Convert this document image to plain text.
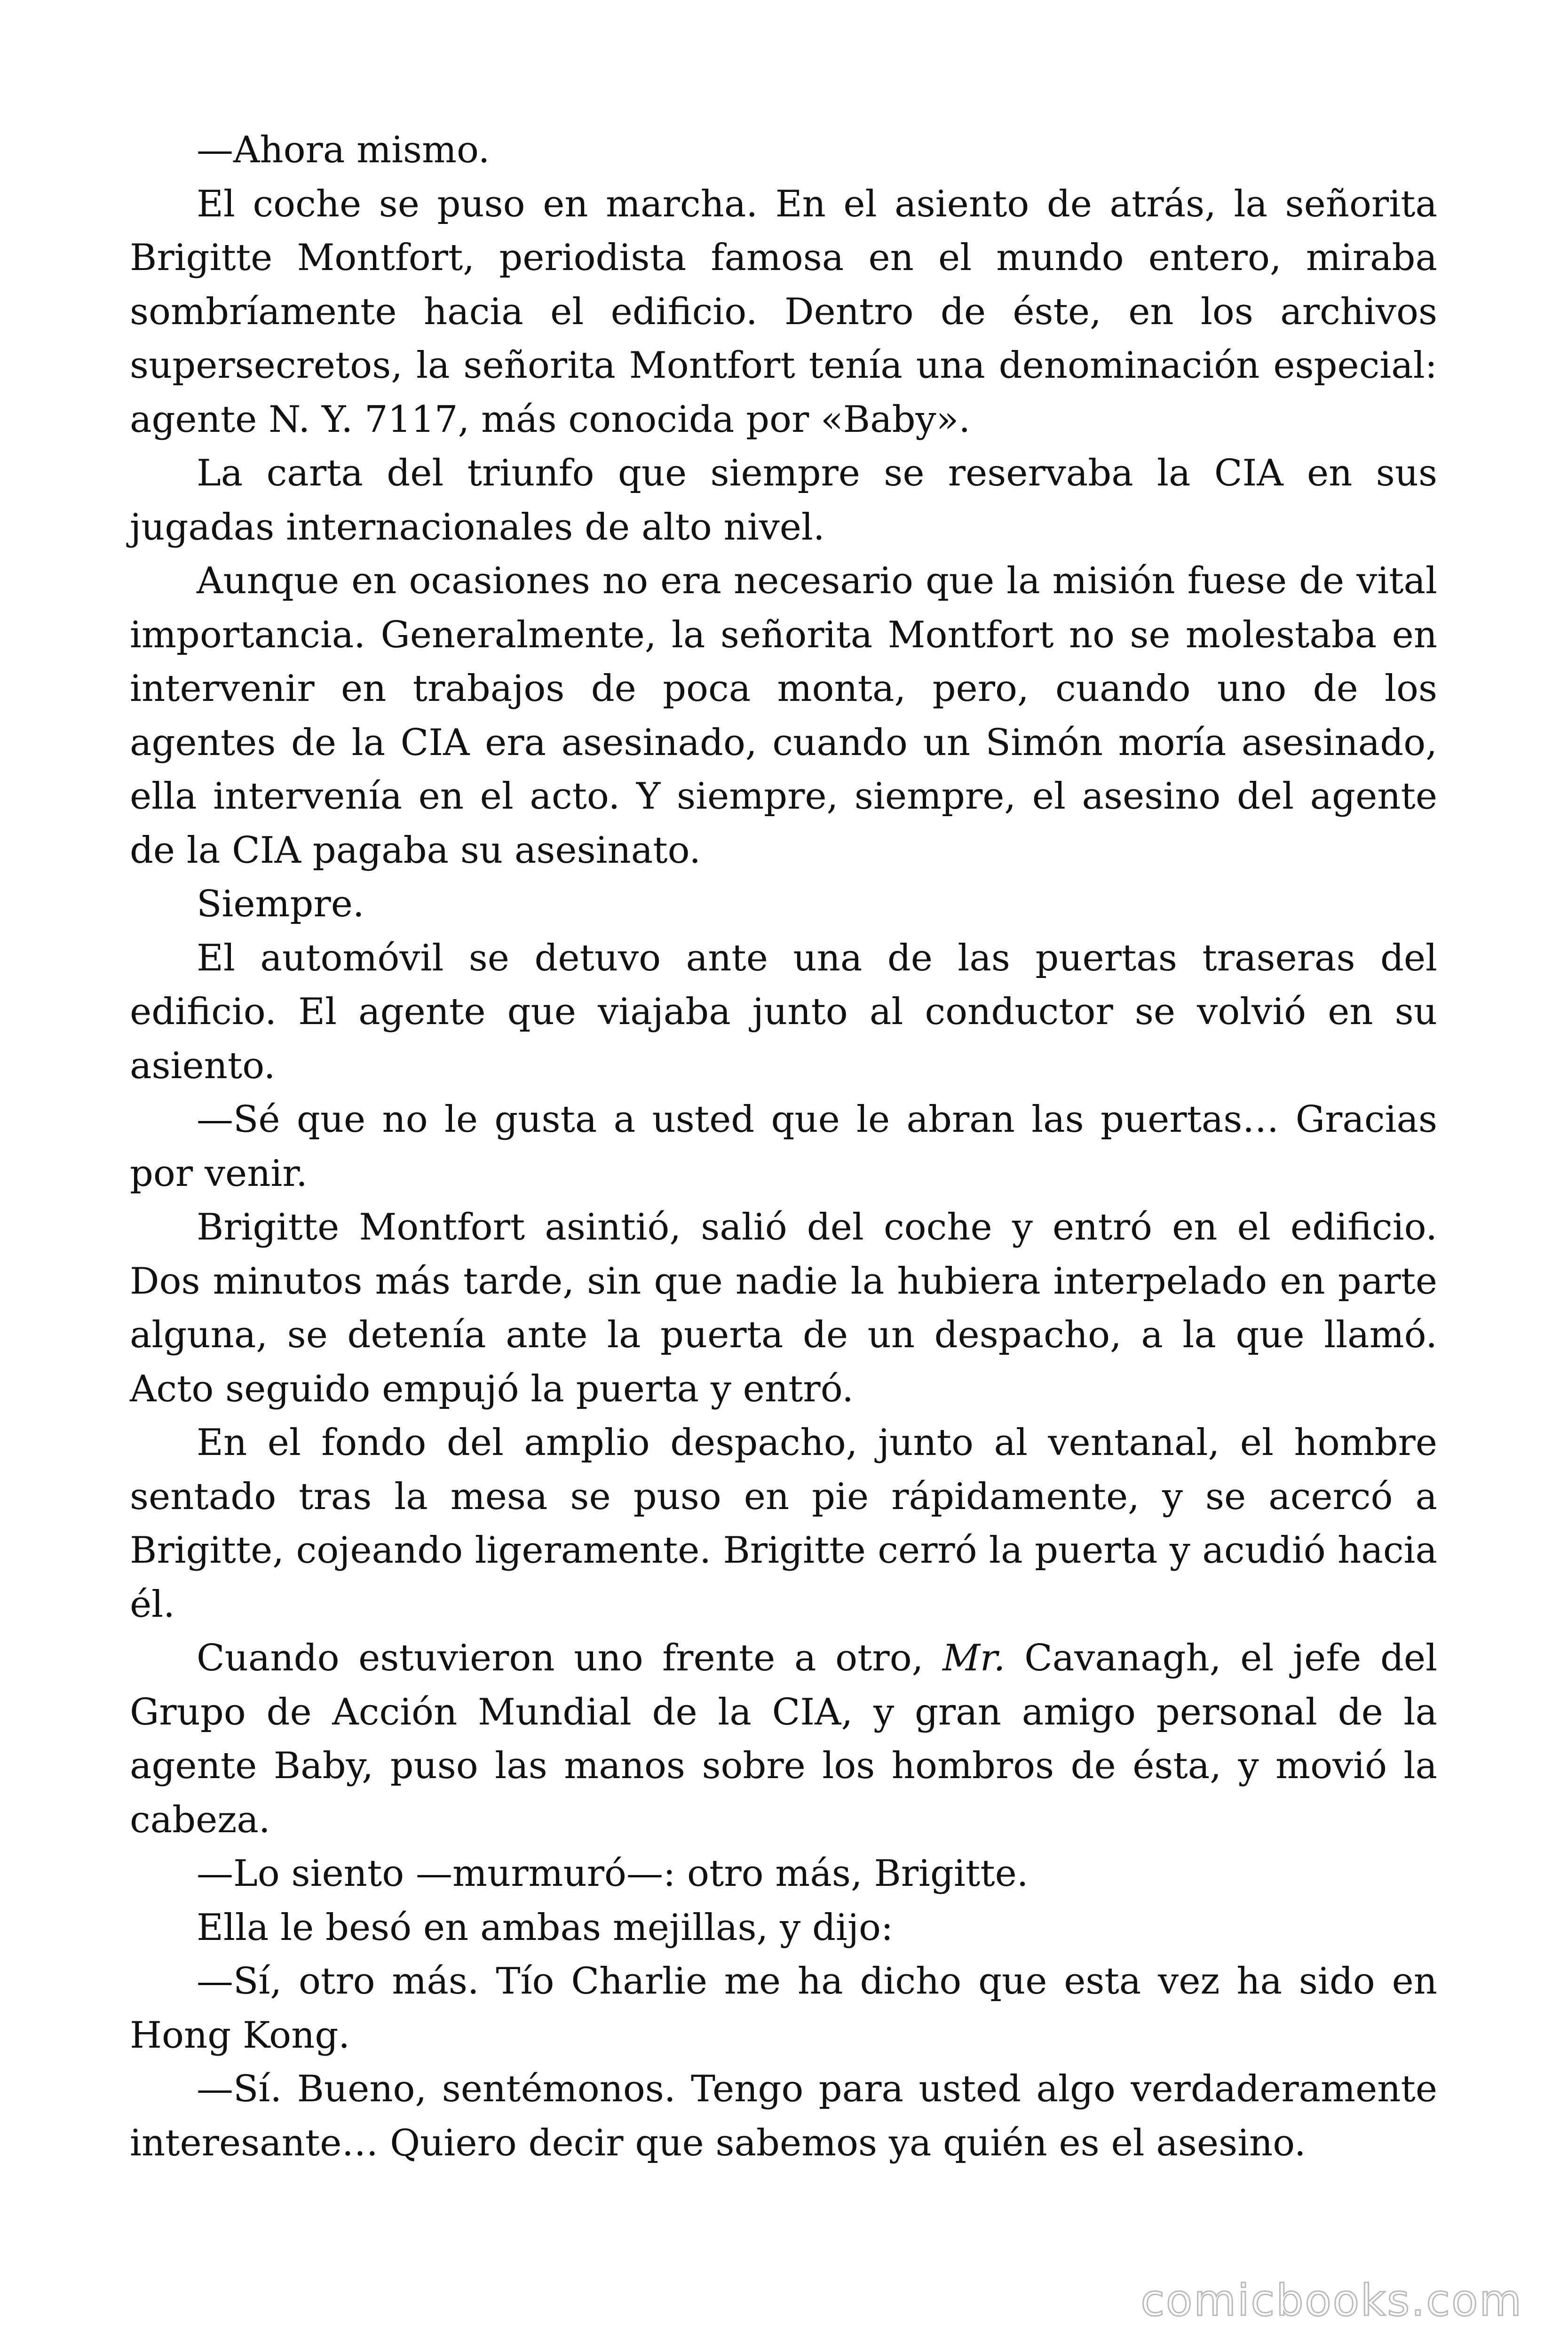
—Ahora mismo.

El coche se puso en marcha. En el asiento de atrás, la señorita Brigitte Montfort, periodista famosa en el mundo entero, miraba sombríamente hacia el edificio. Dentro de éste, en los archivos supersecretos, la señorita Montfort tenía una denominación especial: agente N. Y. 7117, más conocida por «Baby».

La carta del triunfo que siempre se reservaba la CIA en sus jugadas internacionales de alto nivel.

Aunque en ocasiones no era necesario que la misión fuese de vital importancia. Generalmente, la señorita Montfort no se molestaba en intervenir en trabajos de poca monta, pero, cuando uno de los agentes de la CIA era asesinado, cuando un Simón moría asesinado, ella intervenía en el acto. Y siempre, siempre, el asesino del agente de la CIA pagaba su asesinato.

Siempre.

El automóvil se detuvo ante una de las puertas traseras del edificio. El agente que viajaba junto al conductor se volvió en su asiento.

—Sé que no le gusta a usted que le abran las puertas… Gracias por venir.

Brigitte Montfort asintió, salió del coche y entró en el edificio. Dos minutos más tarde, sin que nadie la hubiera interpelado en parte alguna, se detenía ante la puerta de un despacho, a la que llamó. Acto seguido empujó la puerta y entró.

En el fondo del amplio despacho, junto al ventanal, el hombre sentado tras la mesa se puso en pie rápidamente, y se acercó a Brigitte, cojeando ligeramente. Brigitte cerró la puerta y acudió hacia él.

Cuando estuvieron uno frente a otro, Mr. Cavanagh, el jefe del Grupo de Acción Mundial de la CIA, y gran amigo personal de la agente Baby, puso las manos sobre los hombros de ésta, y movió la cabeza.

—Lo siento —murmuró—: otro más, Brigitte.

Ella le besó en ambas mejillas, y dijo:

—Sí, otro más. Tío Charlie me ha dicho que esta vez ha sido en Hong Kong.

—Sí. Bueno, sentémonos. Tengo para usted algo verdaderamente interesante… Quiero decir que sabemos ya quién es el asesino.

comicbooks.com
